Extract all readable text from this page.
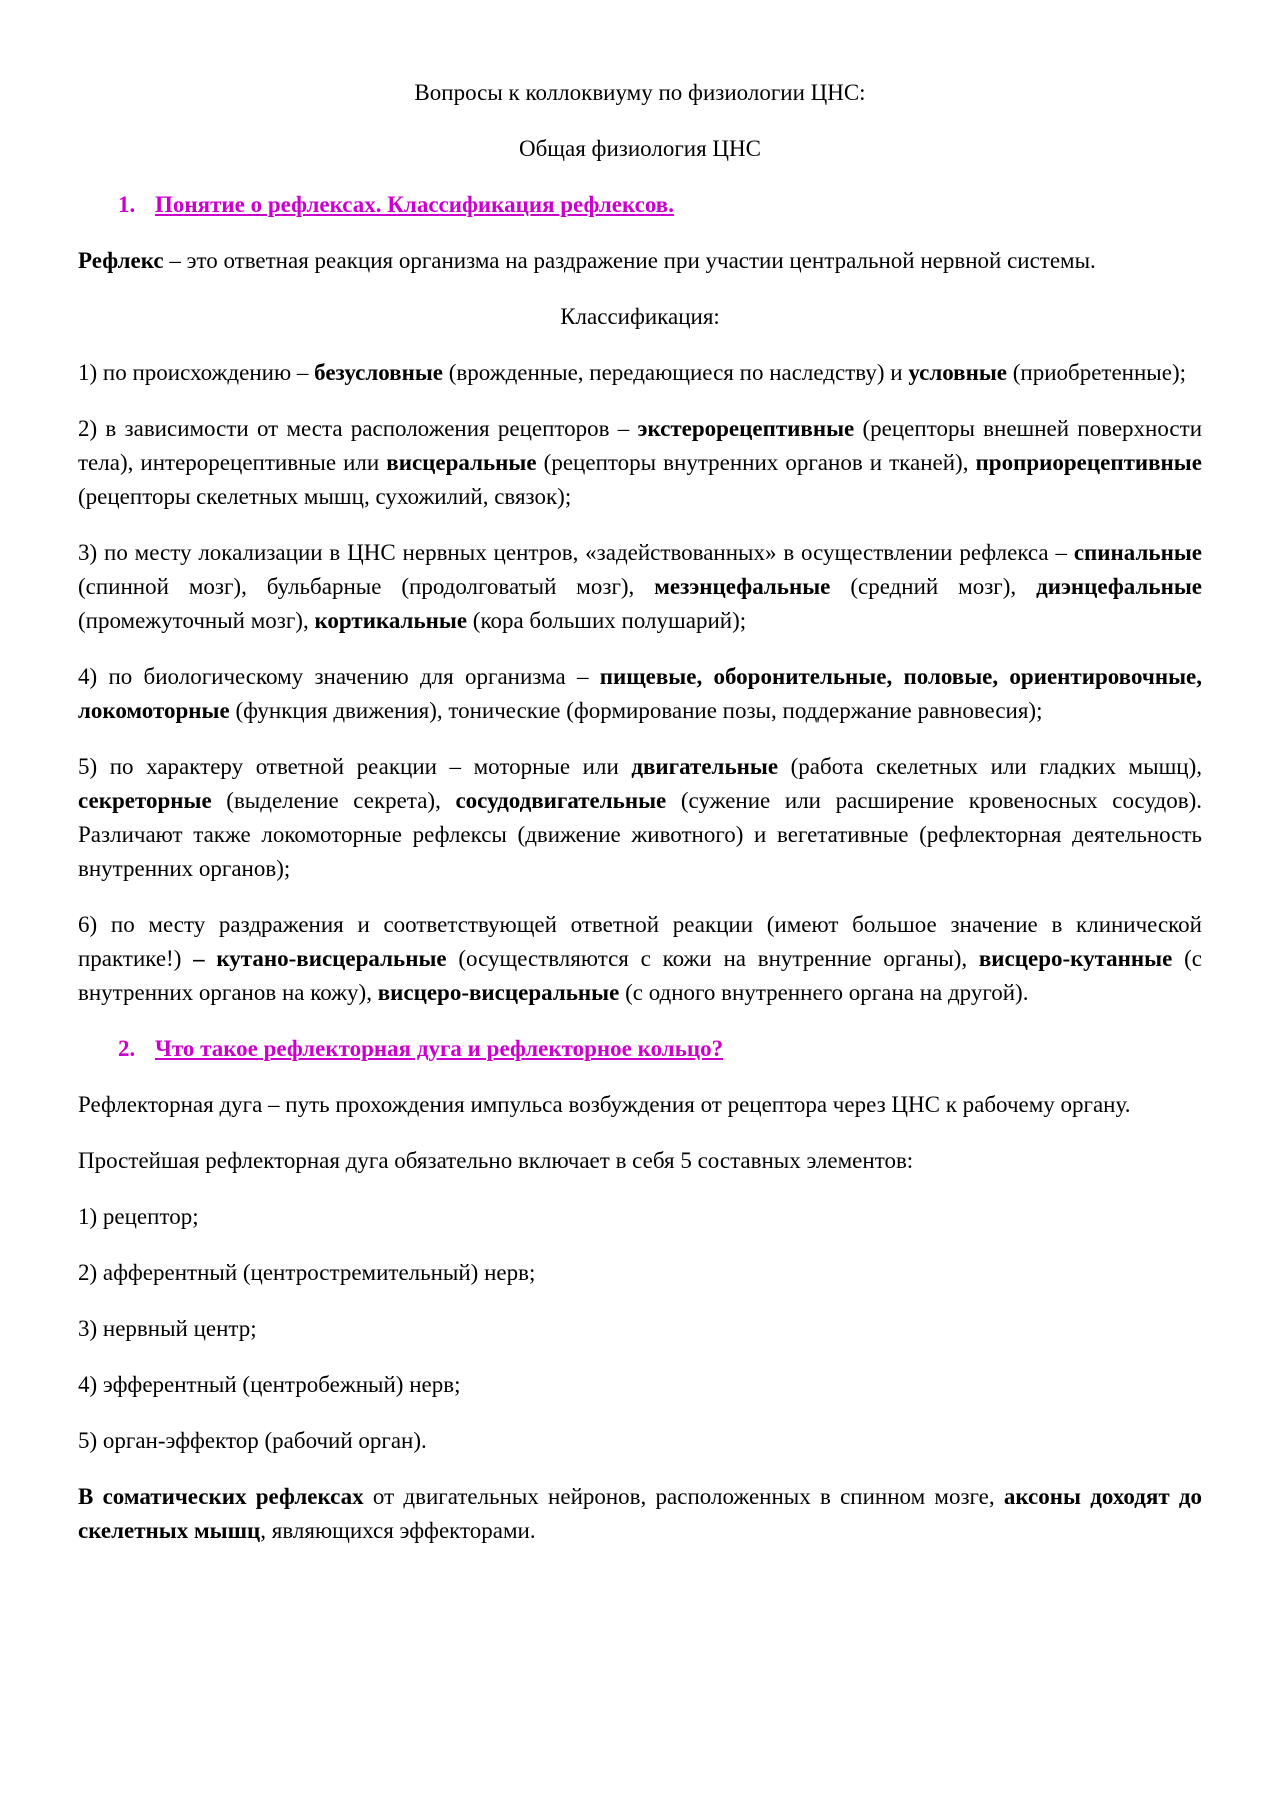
Вопросы к коллоквиуму по физиологии ЦНС:
Общая физиология ЦНС
1. Понятие о рефлексах. Классификация рефлексов.

Рефлекс – это ответная реакция организма на раздражение при участии центральной нервной системы.

Классификация:

1) по происхождению – безусловные (врожденные, передающиеся по наследству) и условные (приобретенные);

2) в зависимости от места расположения рецепторов – экстерорецептивные (рецепторы внешней поверхности тела), интерорецептивные или висцеральные (рецепторы внутренних органов и тканей), проприорецептивные (рецепторы скелетных мышц, сухожилий, связок);

3) по месту локализации в ЦНС нервных центров, «задействованных» в осуществлении рефлекса – спинальные (спинной мозг), бульбарные (продолговатый мозг), мезэнцефальные (средний мозг), диэнцефальные (промежуточный мозг), кортикальные (кора больших полушарий);

4) по биологическому значению для организма – пищевые, оборонительные, половые, ориентировочные, локомоторные (функция движения), тонические (формирование позы, поддержание равновесия);

5) по характеру ответной реакции – моторные или двигательные (работа скелетных или гладких мышц), секреторные (выделение секрета), сосудодвигательные (сужение или расширение кровеносных сосудов). Различают также локомоторные рефлексы (движение животного) и вегетативные (рефлекторная деятельность внутренних органов);

6) по месту раздражения и соответствующей ответной реакции (имеют большое значение в клинической практике!) – кутано-висцеральные (осуществляются с кожи на внутренние органы), висцеро-кутанные (с внутренних органов на кожу), висцеро-висцеральные (с одного внутреннего органа на другой).

2. Что такое рефлекторная дуга и рефлекторное кольцо?

Рефлекторная дуга – путь прохождения импульса возбуждения от рецептора через ЦНС к рабочему органу.

Простейшая рефлекторная дуга обязательно включает в себя 5 составных элементов:

1) рецептор;

2) афферентный (центростремительный) нерв;

3) нервный центр;

4) эфферентный (центробежный) нерв;

5) орган-эффектор (рабочий орган).

В соматических рефлексах от двигательных нейронов, расположенных в спинном мозге, аксоны доходят до скелетных мышц, являющихся эффекторами.
